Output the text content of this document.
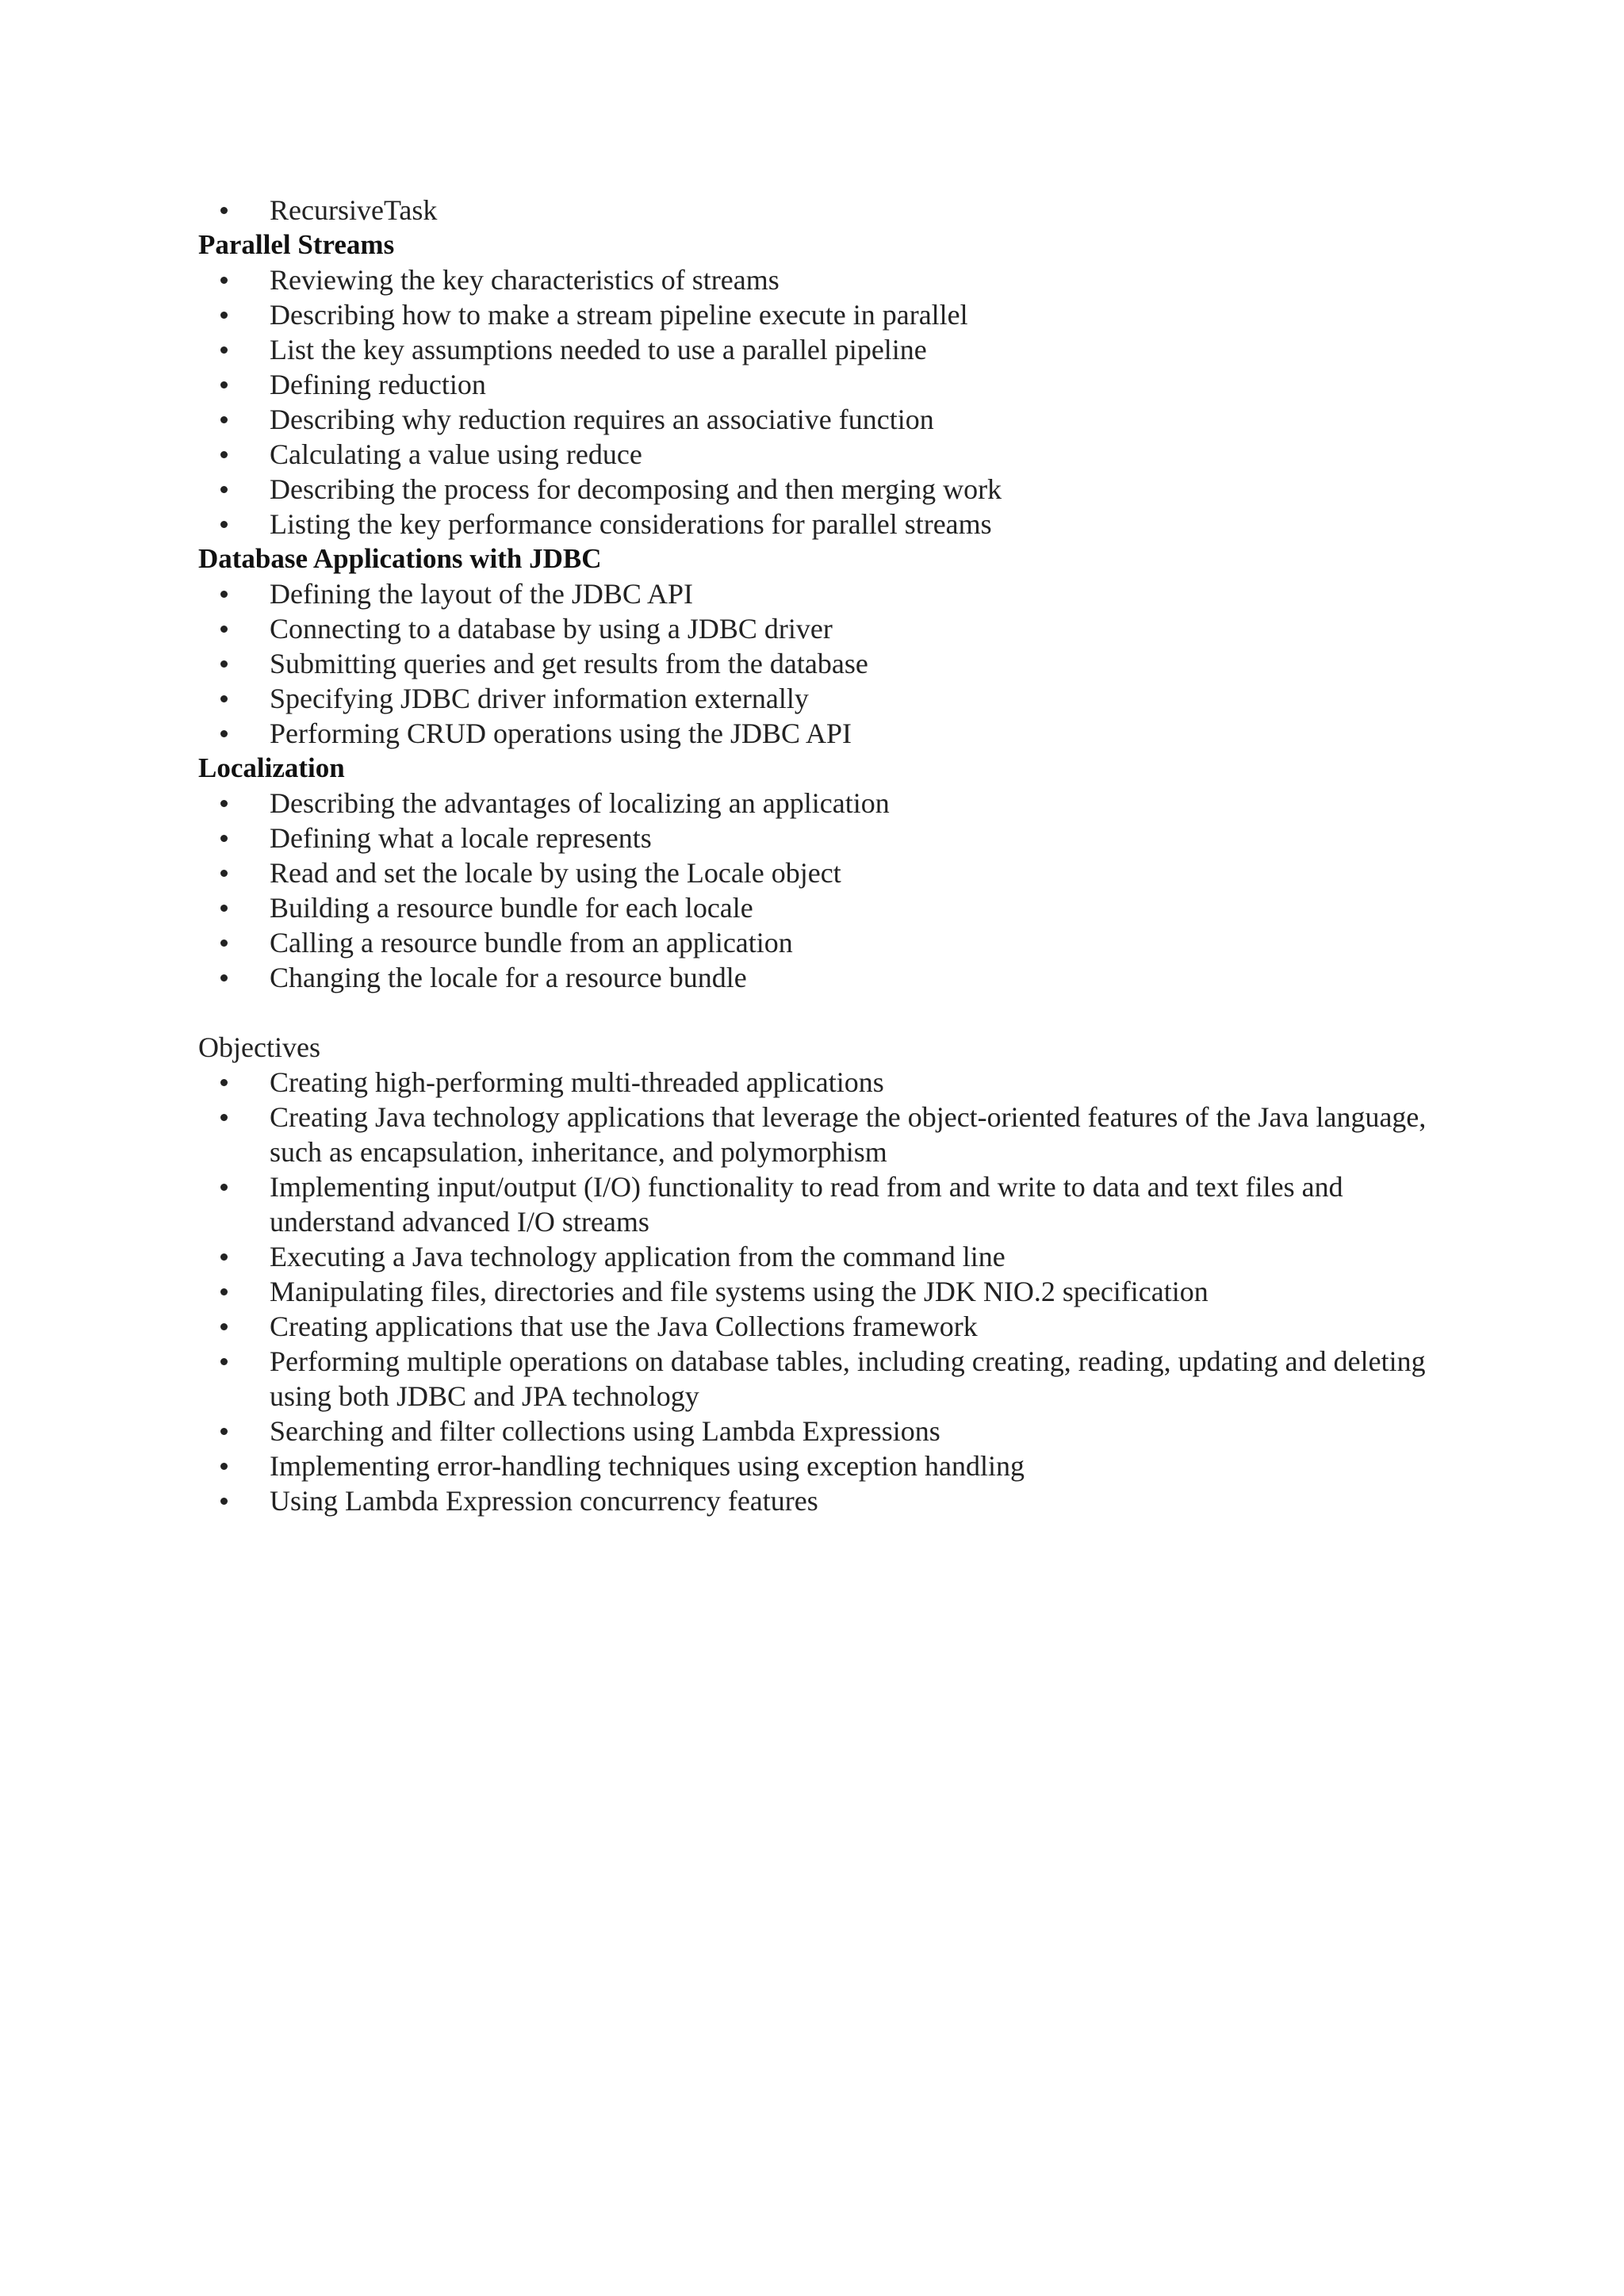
RecursiveTask
Parallel Streams
Reviewing the key characteristics of streams
Describing how to make a stream pipeline execute in parallel
List the key assumptions needed to use a parallel pipeline
Defining reduction
Describing why reduction requires an associative function
Calculating a value using reduce
Describing the process for decomposing and then merging work
Listing the key performance considerations for parallel streams
Database Applications with JDBC
Defining the layout of the JDBC API
Connecting to a database by using a JDBC driver
Submitting queries and get results from the database
Specifying JDBC driver information externally
Performing CRUD operations using the JDBC API
Localization
Describing the advantages of localizing an application
Defining what a locale represents
Read and set the locale by using the Locale object
Building a resource bundle for each locale
Calling a resource bundle from an application
Changing the locale for a resource bundle
Objectives
Creating high-performing multi-threaded applications
Creating Java technology applications that leverage the object-oriented features of the Java language, such as encapsulation, inheritance, and polymorphism
Implementing input/output (I/O) functionality to read from and write to data and text files and understand advanced I/O streams
Executing a Java technology application from the command line
Manipulating files, directories and file systems using the JDK NIO.2 specification
Creating applications that use the Java Collections framework
Performing multiple operations on database tables, including creating, reading, updating and deleting using both JDBC and JPA technology
Searching and filter collections using Lambda Expressions
Implementing error-handling techniques using exception handling
Using Lambda Expression concurrency features
